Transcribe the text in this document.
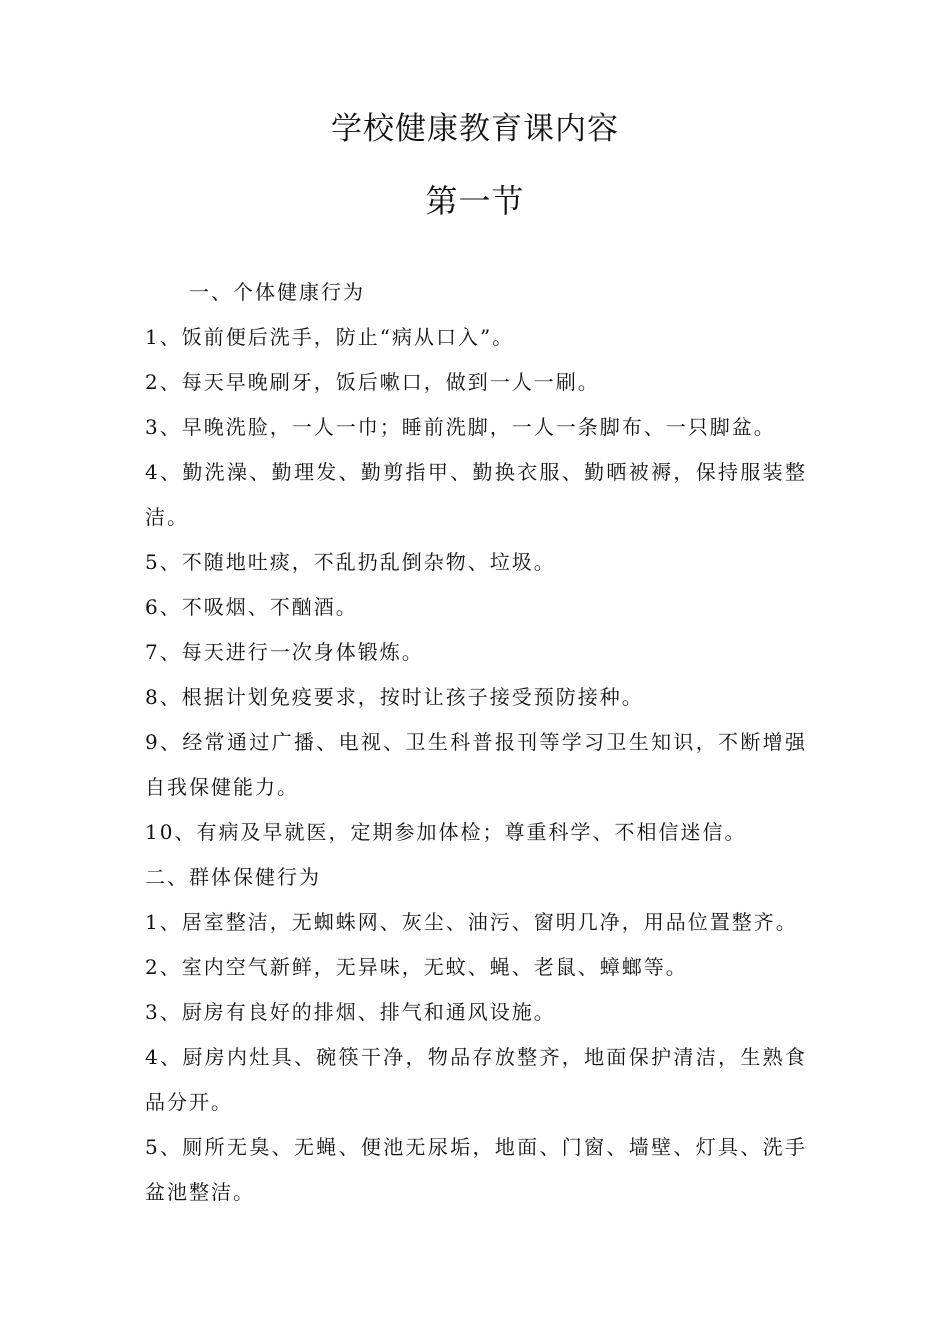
学校健康教育课内容
第一节

一、个体健康行为

1、饭前便后洗手，防止“病从口入”。

2、每天早晚刷牙，饭后嗽口，做到一人一刷。

3、早晚洗脸，一人一巾；睡前洗脚，一人一条脚布、一只脚盆。

4、勤洗澡、勤理发、勤剪指甲、勤换衣服、勤晒被褥，保持服装整洁。

5、不随地吐痰，不乱扔乱倒杂物、垃圾。

6、不吸烟、不酗酒。

7、每天进行一次身体锻炼。

8、根据计划免疫要求，按时让孩子接受预防接种。

9、经常通过广播、电视、卫生科普报刊等学习卫生知识，不断增强自我保健能力。

10、有病及早就医，定期参加体检；尊重科学、不相信迷信。

二、群体保健行为

1、居室整洁，无蜘蛛网、灰尘、油污、窗明几净，用品位置整齐。

2、室内空气新鲜，无异味，无蚊、蝇、老鼠、蟑螂等。

3、厨房有良好的排烟、排气和通风设施。

4、厨房内灶具、碗筷干净，物品存放整齐，地面保护清洁，生熟食品分开。

5、厕所无臭、无蝇、便池无尿垢，地面、门窗、墙壁、灯具、洗手盆池整洁。
